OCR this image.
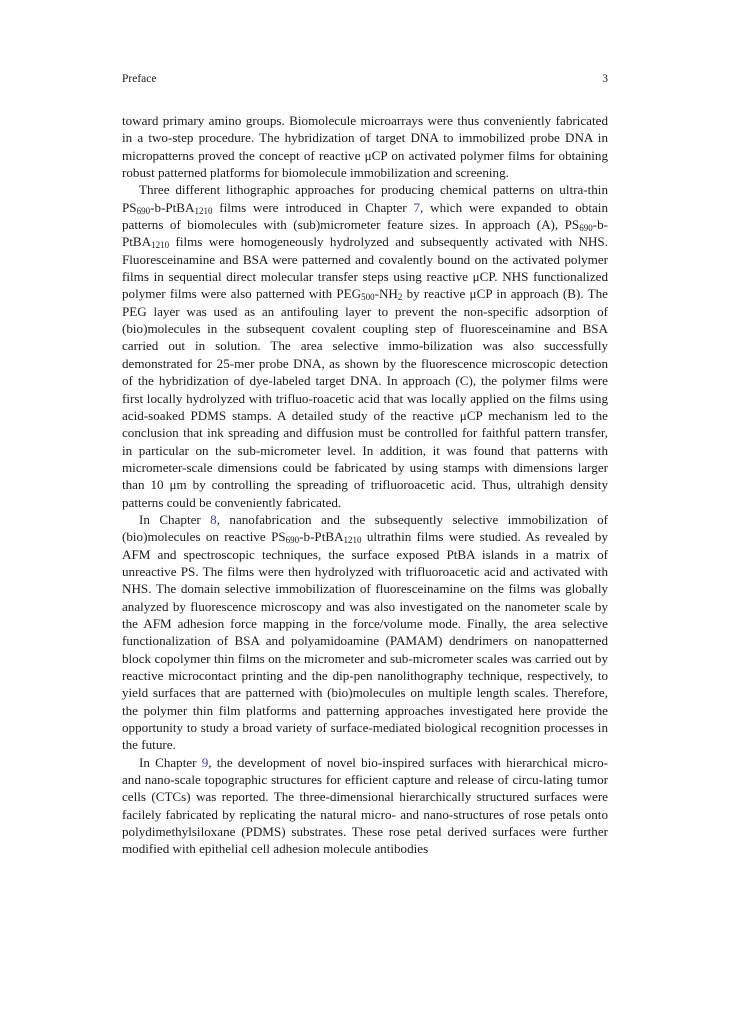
Preface	3

toward primary amino groups. Biomolecule microarrays were thus conveniently fabricated in a two-step procedure. The hybridization of target DNA to immobilized probe DNA in micropatterns proved the concept of reactive μCP on activated polymer films for obtaining robust patterned platforms for biomolecule immobilization and screening.

Three different lithographic approaches for producing chemical patterns on ultra-thin $PS_{690}-b-PtBA_{1210}$ films were introduced in Chapter 7, which were expanded to obtain patterns of biomolecules with (sub)micrometer feature sizes. In approach (A), $PS_{690}-b-PtBA_{1210}$ films were homogeneously hydrolyzed and subsequently activated with NHS. Fluoresceinamine and BSA were patterned and covalently bound on the activated polymer films in sequential direct molecular transfer steps using reactive μCP. NHS functionalized polymer films were also patterned with $PEG_{500}-NH_2$ by reactive μCP in approach (B). The PEG layer was used as an antifouling layer to prevent the non-specific adsorption of (bio)molecules in the subsequent covalent coupling step of fluoresceinamine and BSA carried out in solution. The area selective immo-bilization was also successfully demonstrated for 25-mer probe DNA, as shown by the fluorescence microscopic detection of the hybridization of dye-labeled target DNA. In approach (C), the polymer films were first locally hydrolyzed with trifluo-roacetic acid that was locally applied on the films using acid-soaked PDMS stamps. A detailed study of the reactive μCP mechanism led to the conclusion that ink spreading and diffusion must be controlled for faithful pattern transfer, in particular on the sub-micrometer level. In addition, it was found that patterns with micrometer-scale dimensions could be fabricated by using stamps with dimensions larger than 10 μm by controlling the spreading of trifluoroacetic acid. Thus, ultrahigh density patterns could be conveniently fabricated.

In Chapter 8, nanofabrication and the subsequently selective immobilization of (bio)molecules on reactive $PS_{690}-b-PtBA_{1210}$ ultrathin films were studied. As revealed by AFM and spectroscopic techniques, the surface exposed PtBA islands in a matrix of unreactive PS. The films were then hydrolyzed with trifluoroacetic acid and activated with NHS. The domain selective immobilization of fluoresceinamine on the films was globally analyzed by fluorescence microscopy and was also investigated on the nanometer scale by the AFM adhesion force mapping in the force/volume mode. Finally, the area selective functionalization of BSA and polyamidoamine (PAMAM) dendrimers on nanopatterned block copolymer thin films on the micrometer and sub-micrometer scales was carried out by reactive microcontact printing and the dip-pen nanolithography technique, respectively, to yield surfaces that are patterned with (bio)molecules on multiple length scales. Therefore, the polymer thin film platforms and patterning approaches investigated here provide the opportunity to study a broad variety of surface-mediated biological recognition processes in the future.

In Chapter 9, the development of novel bio-inspired surfaces with hierarchical micro- and nano-scale topographic structures for efficient capture and release of circu-lating tumor cells (CTCs) was reported. The three-dimensional hierarchically structured surfaces were facilely fabricated by replicating the natural micro- and nano-structures of rose petals onto polydimethylsiloxane (PDMS) substrates. These rose petal derived surfaces were further modified with epithelial cell adhesion molecule antibodies
